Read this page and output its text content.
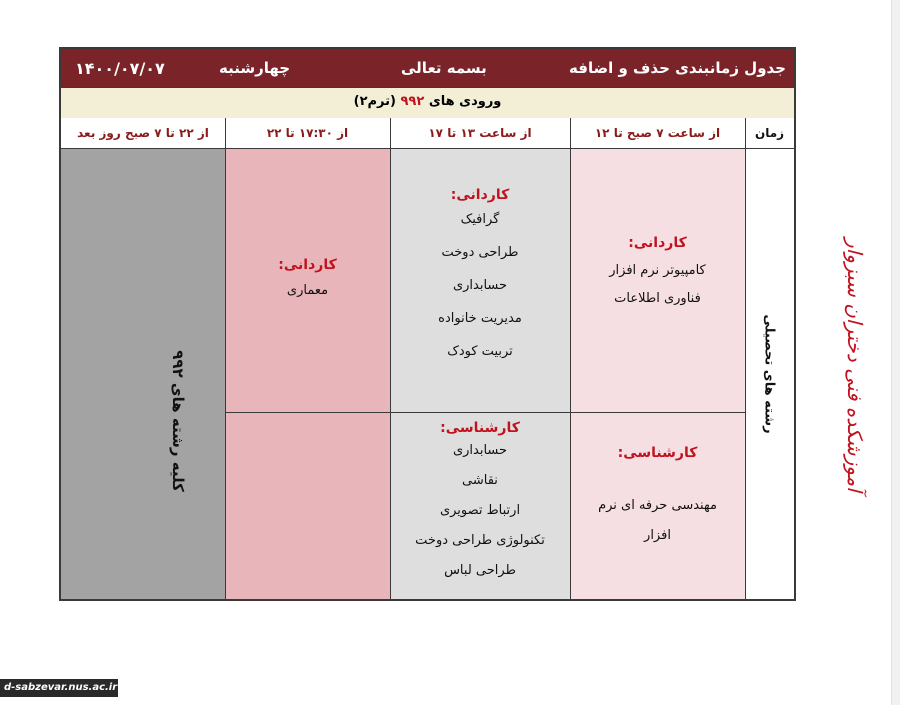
جدول زمانبندی حذف و اضافه
بسمه تعالی
چهارشنبه
۱۴۰۰/۰۷/۰۷
ورودی های ۹۹۲ (ترم۲)
زمان
از ساعت ۷ صبح تا ۱۲
از ساعت ۱۳ تا ۱۷
از ۱۷:۳۰ تا ۲۲
از ۲۲ تا ۷ صبح روز بعد
رشته های تحصیلی
کاردانی:
کامپیوتر نرم افزار
فناوری اطلاعات
کارشناسی:
مهندسی حرفه ای نرم
افزار
کاردانی:
گرافیک
طراحی دوخت
حسابداری
مدیریت خانواده
تربیت کودک
کارشناسی:
حسابداری
نقاشی
ارتباط تصویری
تکنولوژی طراحی دوخت
طراحی لباس
کاردانی:
معماری
کلیه رشته های ۹۹۲	آموزشکده فنی دختران سبزوار
d-sabzevar.nus.ac.ir
